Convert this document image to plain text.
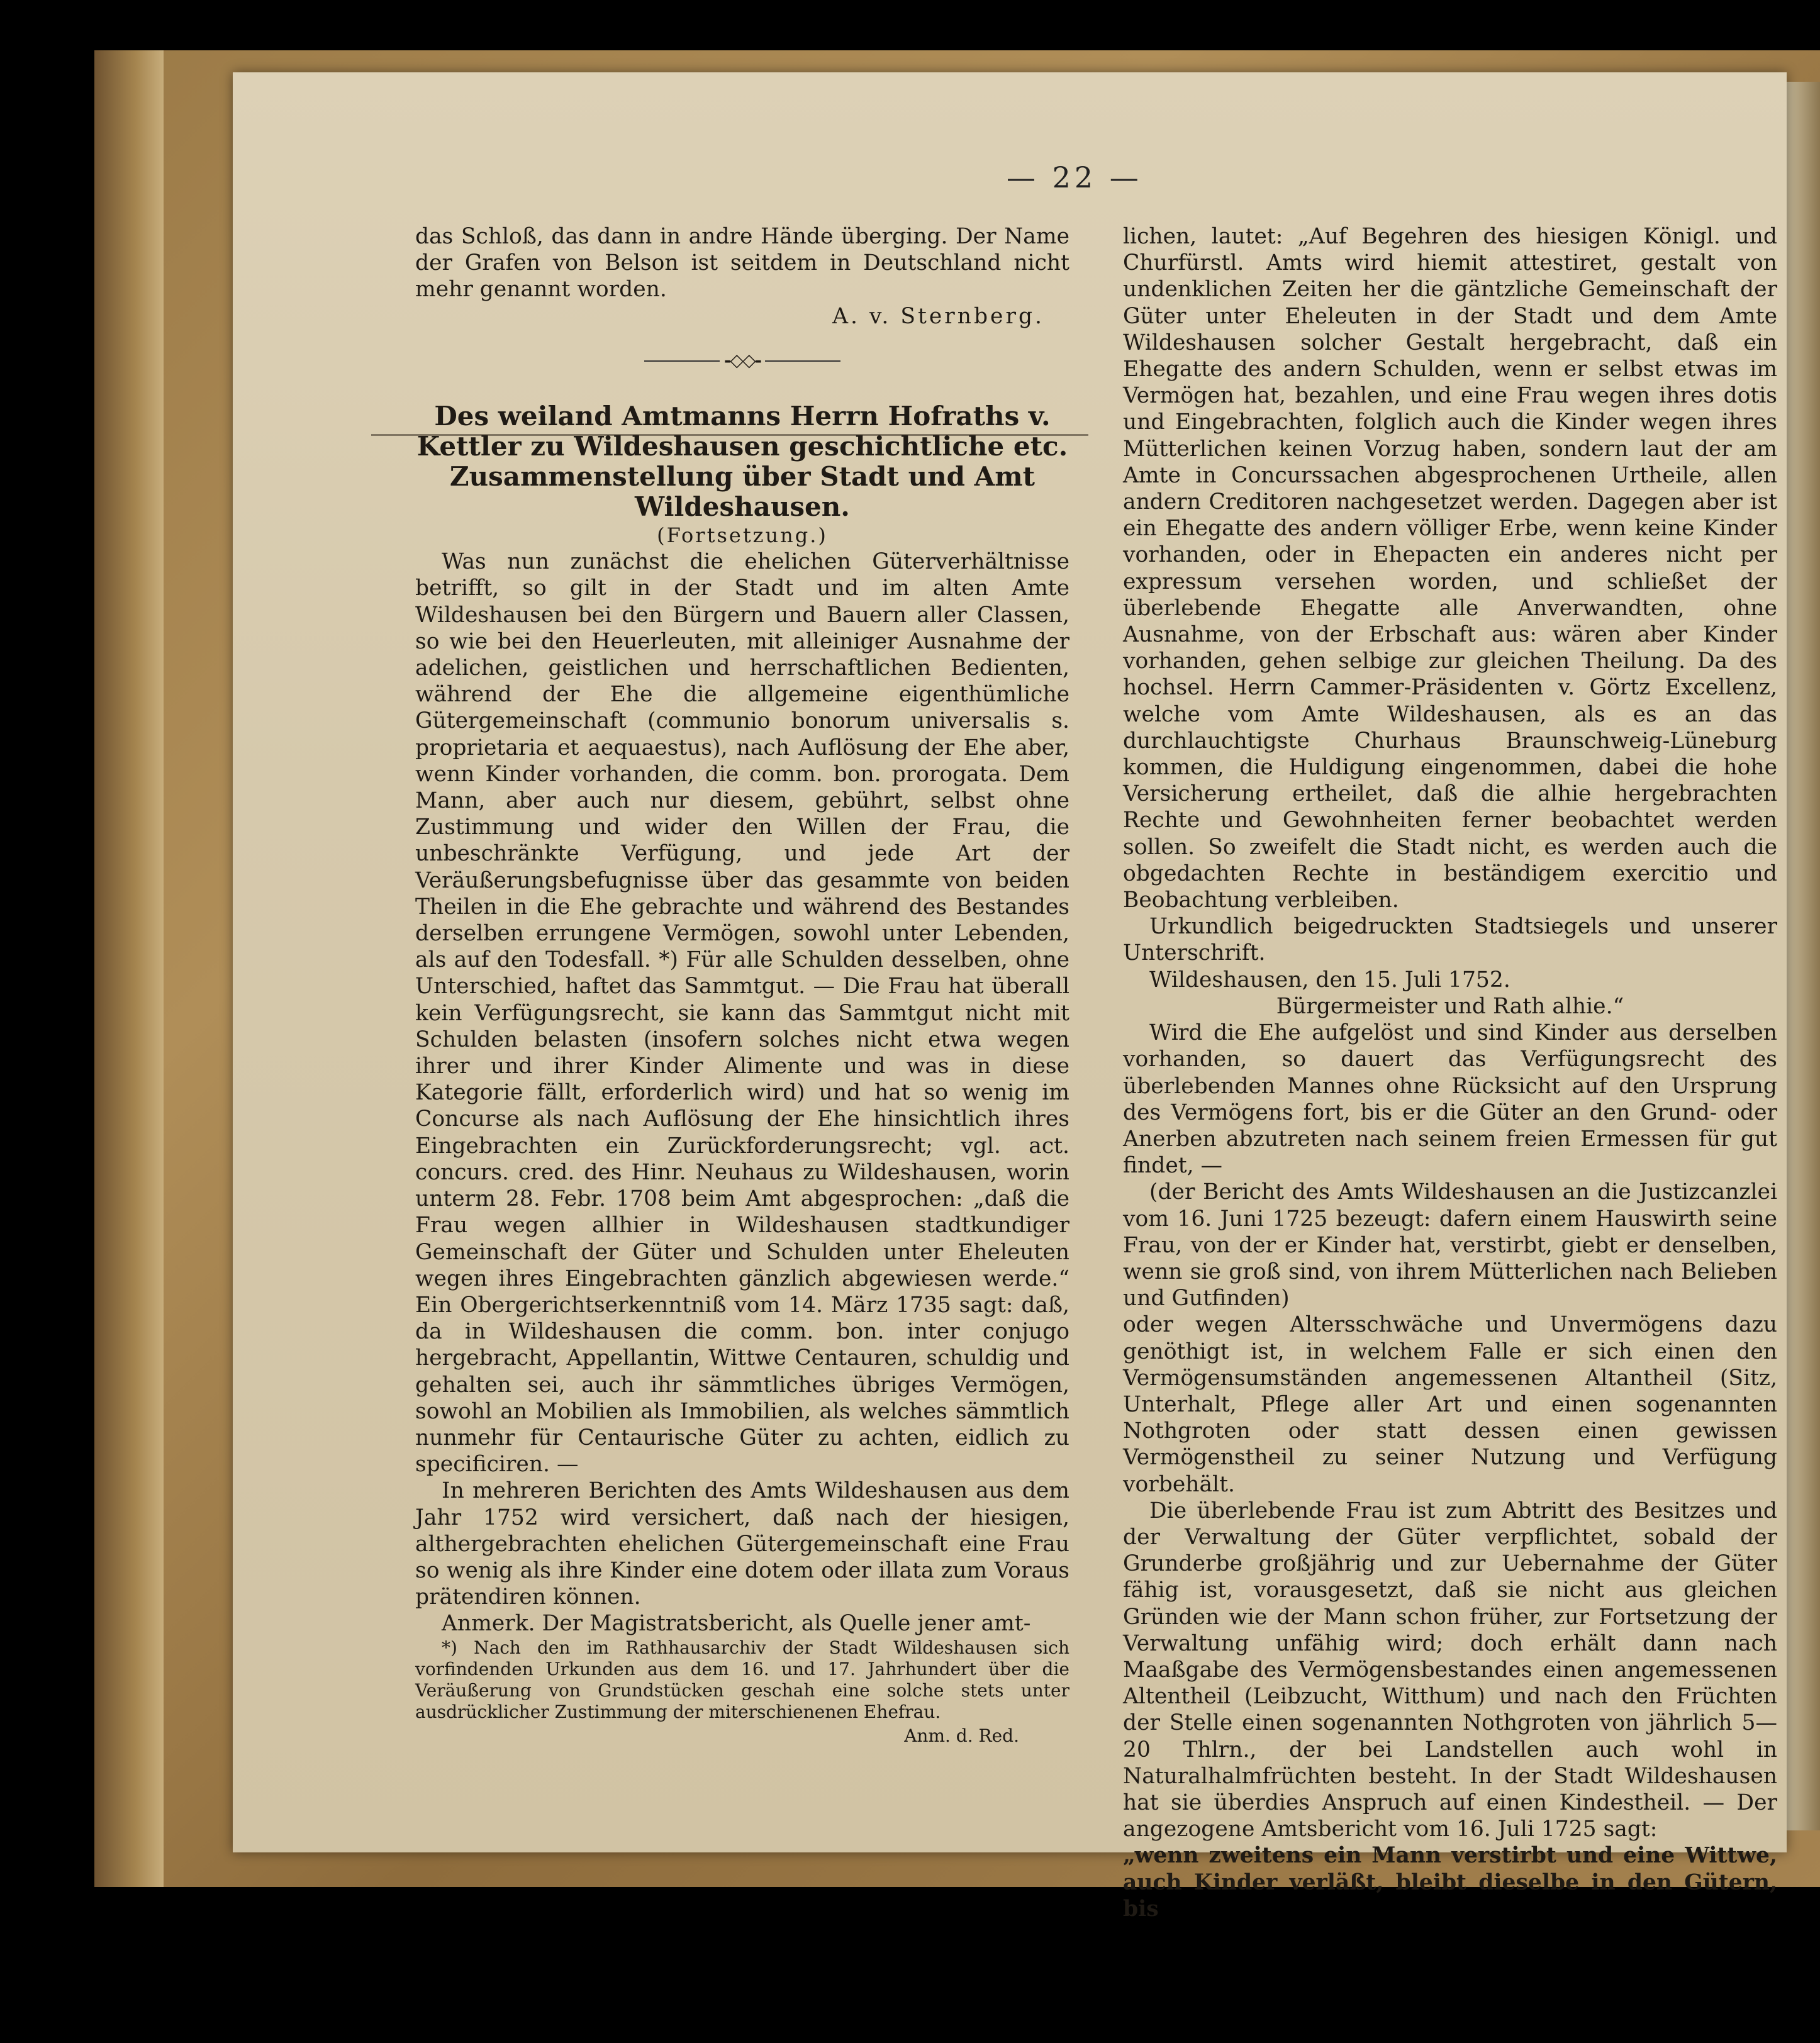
— 22 —

das Schloß, das dann in andre Hände überging. Der Name der Grafen von Belson ist seitdem in Deutschland nicht mehr genannt worden.

A. v. Sternberg.

-◇◇-

Des weiland Amtmanns Herrn Hofraths v. Kettler zu Wildeshausen geschichtliche etc. Zusammenstellung über Stadt und Amt Wildeshausen.

(Fortsetzung.)

Was nun zunächst die ehelichen Güterverhältnisse betrifft, so gilt in der Stadt und im alten Amte Wildeshausen bei den Bürgern und Bauern aller Classen, so wie bei den Heuerleuten, mit alleiniger Ausnahme der adelichen, geistlichen und herrschaftlichen Bedienten, während der Ehe die allgemeine eigenthümliche Gütergemeinschaft (communio bonorum universalis s. proprietaria et aequaestus), nach Auflösung der Ehe aber, wenn Kinder vorhanden, die comm. bon. prorogata. Dem Mann, aber auch nur diesem, gebührt, selbst ohne Zustimmung und wider den Willen der Frau, die unbeschränkte Verfügung, und jede Art der Veräußerungsbefugnisse über das gesammte von beiden Theilen in die Ehe gebrachte und während des Bestandes derselben errungene Vermögen, sowohl unter Lebenden, als auf den Todesfall. *) Für alle Schulden desselben, ohne Unterschied, haftet das Sammtgut. — Die Frau hat überall kein Verfügungsrecht, sie kann das Sammtgut nicht mit Schulden belasten (insofern solches nicht etwa wegen ihrer und ihrer Kinder Alimente und was in diese Kategorie fällt, erforderlich wird) und hat so wenig im Concurse als nach Auflösung der Ehe hinsichtlich ihres Eingebrachten ein Zurückforderungsrecht; vgl. act. concurs. cred. des Hinr. Neuhaus zu Wildeshausen, worin unterm 28. Febr. 1708 beim Amt abgesprochen: „daß die Frau wegen allhier in Wildeshausen stadtkundiger Gemeinschaft der Güter und Schulden unter Eheleuten wegen ihres Eingebrachten gänzlich abgewiesen werde.“ Ein Obergerichtserkenntniß vom 14. März 1735 sagt: daß, da in Wildeshausen die comm. bon. inter conjugo hergebracht, Appellantin, Wittwe Centauren, schuldig und gehalten sei, auch ihr sämmtliches übriges Vermögen, sowohl an Mobilien als Immobilien, als welches sämmtlich nunmehr für Centaurische Güter zu achten, eidlich zu specificiren. —

In mehreren Berichten des Amts Wildeshausen aus dem Jahr 1752 wird versichert, daß nach der hiesigen, althergebrachten ehelichen Gütergemeinschaft eine Frau so wenig als ihre Kinder eine dotem oder illata zum Voraus prätendiren können.

Anmerk. Der Magistratsbericht, als Quelle jener amt-

*) Nach den im Rathhausarchiv der Stadt Wildeshausen sich vorfindenden Urkunden aus dem 16. und 17. Jahrhundert über die Veräußerung von Grundstücken geschah eine solche stets unter ausdrücklicher Zustimmung der miterschienenen Ehefrau.

Anm. d. Red.

lichen, lautet: „Auf Begehren des hiesigen Königl. und Churfürstl. Amts wird hiemit attestiret, gestalt von undenklichen Zeiten her die gäntzliche Gemeinschaft der Güter unter Eheleuten in der Stadt und dem Amte Wildeshausen solcher Gestalt hergebracht, daß ein Ehegatte des andern Schulden, wenn er selbst etwas im Vermögen hat, bezahlen, und eine Frau wegen ihres dotis und Eingebrachten, folglich auch die Kinder wegen ihres Mütterlichen keinen Vorzug haben, sondern laut der am Amte in Concurssachen abgesprochenen Urtheile, allen andern Creditoren nachgesetzet werden. Dagegen aber ist ein Ehegatte des andern völliger Erbe, wenn keine Kinder vorhanden, oder in Ehepacten ein anderes nicht per expressum versehen worden, und schließet der überlebende Ehegatte alle Anverwandten, ohne Ausnahme, von der Erbschaft aus: wären aber Kinder vorhanden, gehen selbige zur gleichen Theilung. Da des hochsel. Herrn Cammer-Präsidenten v. Görtz Excellenz, welche vom Amte Wildeshausen, als es an das durchlauchtigste Churhaus Braunschweig-Lüneburg kommen, die Huldigung eingenommen, dabei die hohe Versicherung ertheilet, daß die alhie hergebrachten Rechte und Gewohnheiten ferner beobachtet werden sollen. So zweifelt die Stadt nicht, es werden auch die obgedachten Rechte in beständigem exercitio und Beobachtung verbleiben.

Urkundlich beigedruckten Stadtsiegels und unserer Unterschrift.

Wildeshausen, den 15. Juli 1752.

Bürgermeister und Rath alhie.“

Wird die Ehe aufgelöst und sind Kinder aus derselben vorhanden, so dauert das Verfügungsrecht des überlebenden Mannes ohne Rücksicht auf den Ursprung des Vermögens fort, bis er die Güter an den Grund- oder Anerben abzutreten nach seinem freien Ermessen für gut findet, —

(der Bericht des Amts Wildeshausen an die Justizcanzlei vom 16. Juni 1725 bezeugt: dafern einem Hauswirth seine Frau, von der er Kinder hat, verstirbt, giebt er denselben, wenn sie groß sind, von ihrem Mütterlichen nach Belieben und Gutfinden)

oder wegen Altersschwäche und Unvermögens dazu genöthigt ist, in welchem Falle er sich einen den Vermögensumständen angemessenen Altantheil (Sitz, Unterhalt, Pflege aller Art und einen sogenannten Nothgroten oder statt dessen einen gewissen Vermögenstheil zu seiner Nutzung und Verfügung vorbehält.

Die überlebende Frau ist zum Abtritt des Besitzes und der Verwaltung der Güter verpflichtet, sobald der Grunderbe großjährig und zur Uebernahme der Güter fähig ist, vorausgesetzt, daß sie nicht aus gleichen Gründen wie der Mann schon früher, zur Fortsetzung der Verwaltung unfähig wird; doch erhält dann nach Maaßgabe des Vermögensbestandes einen angemessenen Altentheil (Leibzucht, Witthum) und nach den Früchten der Stelle einen sogenannten Nothgroten von jährlich 5—20 Thlrn., der bei Landstellen auch wohl in Naturalhalmfrüchten besteht. In der Stadt Wildeshausen hat sie überdies Anspruch auf einen Kindestheil. — Der angezogene Amtsbericht vom 16. Juli 1725 sagt:

„wenn zweitens ein Mann verstirbt und eine Wittwe, auch Kinder verläßt, bleibt dieselbe in den Gütern, bis
